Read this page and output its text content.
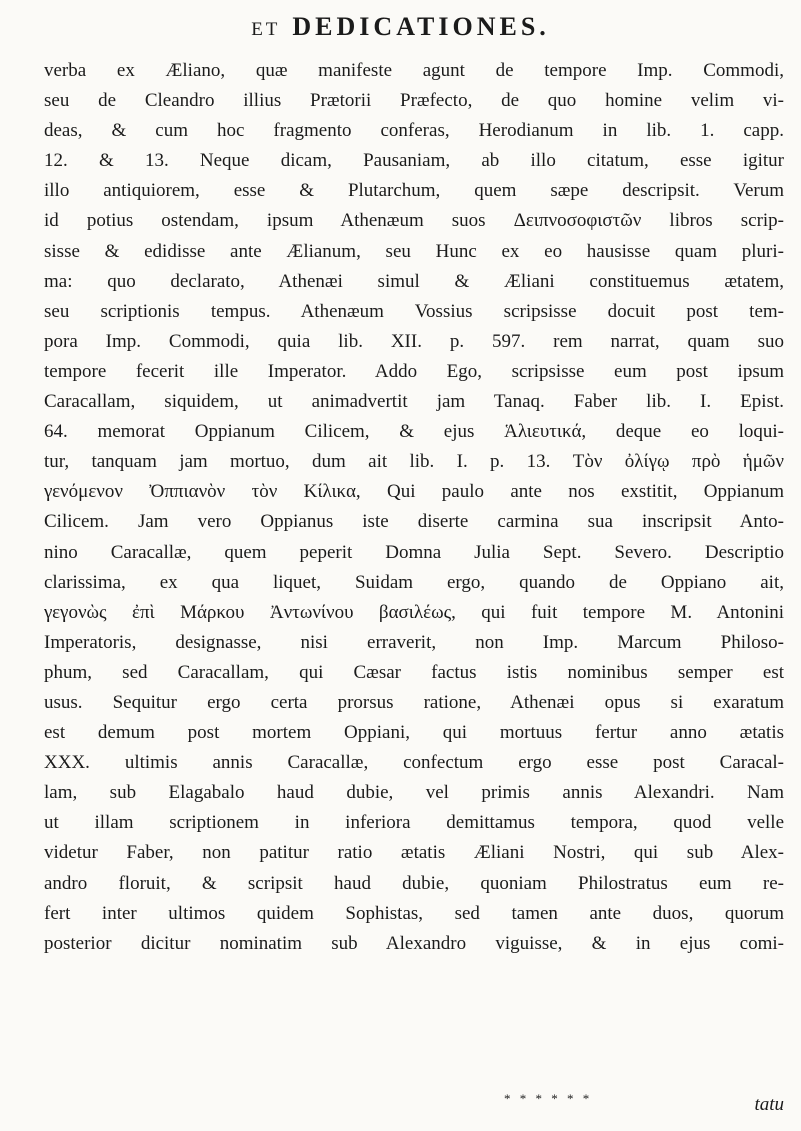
ET DEDICATIONES.
verba ex Æliano, quæ manifeste agunt de tempore Imp. Commodi,
seu de Cleandro illius Prætorii Præfecto, de quo homine velim vi-
deas, & cum hoc fragmento conferas, Herodianum in lib. 1. capp.
12. & 13. Neque dicam, Pausaniam, ab illo citatum, esse igitur
illo antiquiorem, esse & Plutarchum, quem sæpe descripsit. Verum
id potius ostendam, ipsum Athenæum suos Δειπνοσοφιστῶν libros scrip-
sisse & edidisse ante Ælianum, seu Hunc ex eo hausisse quam pluri-
ma: quo declarato, Athenæi simul & Æliani constituemus ætatem,
seu scriptionis tempus. Athenæum Vossius scripsisse docuit post tem-
pora Imp. Commodi, quia lib. XII. p. 597. rem narrat, quam suo
tempore fecerit ille Imperator. Addo Ego, scripsisse eum post ipsum
Caracallam, siquidem, ut animadvertit jam Tanaq. Faber lib. I. Epist.
64. memorat Oppianum Cilicem, & ejus Ἁλιευτικά, deque eo loqui-
tur, tanquam jam mortuo, dum ait lib. I. p. 13. Τὸν ὀλίγῳ πρὸ ἡμῶν
γενόμενον Ὀππιανὸν τὸν Κίλικα, Qui paulo ante nos exstitit, Oppianum
Cilicem. Jam vero Oppianus iste diserte carmina sua inscripsit Anto-
nino Caracallæ, quem peperit Domna Julia Sept. Severo. Descriptio
clarissima, ex qua liquet, Suidam ergo, quando de Oppiano ait,
γεγονὼς ἐπὶ Μάρκου Ἀντωνίνου βασιλέως, qui fuit tempore M. Antonini
Imperatoris, designasse, nisi erraverit, non Imp. Marcum Philoso-
phum, sed Caracallam, qui Cæsar factus istis nominibus semper est
usus. Sequitur ergo certa prorsus ratione, Athenæi opus si exaratum
est demum post mortem Oppiani, qui mortuus fertur anno ætatis
XXX. ultimis annis Caracallæ, confectum ergo esse post Caracal-
lam, sub Elagabalo haud dubie, vel primis annis Alexandri. Nam
ut illam scriptionem in inferiora demittamus tempora, quod velle
videtur Faber, non patitur ratio ætatis Æliani Nostri, qui sub Alex-
andro floruit, & scripsit haud dubie, quoniam Philostratus eum re-
fert inter ultimos quidem Sophistas, sed tamen ante duos, quorum
posterior dicitur nominatim sub Alexandro viguisse, & in ejus comi-
* * * * * *	tatu
